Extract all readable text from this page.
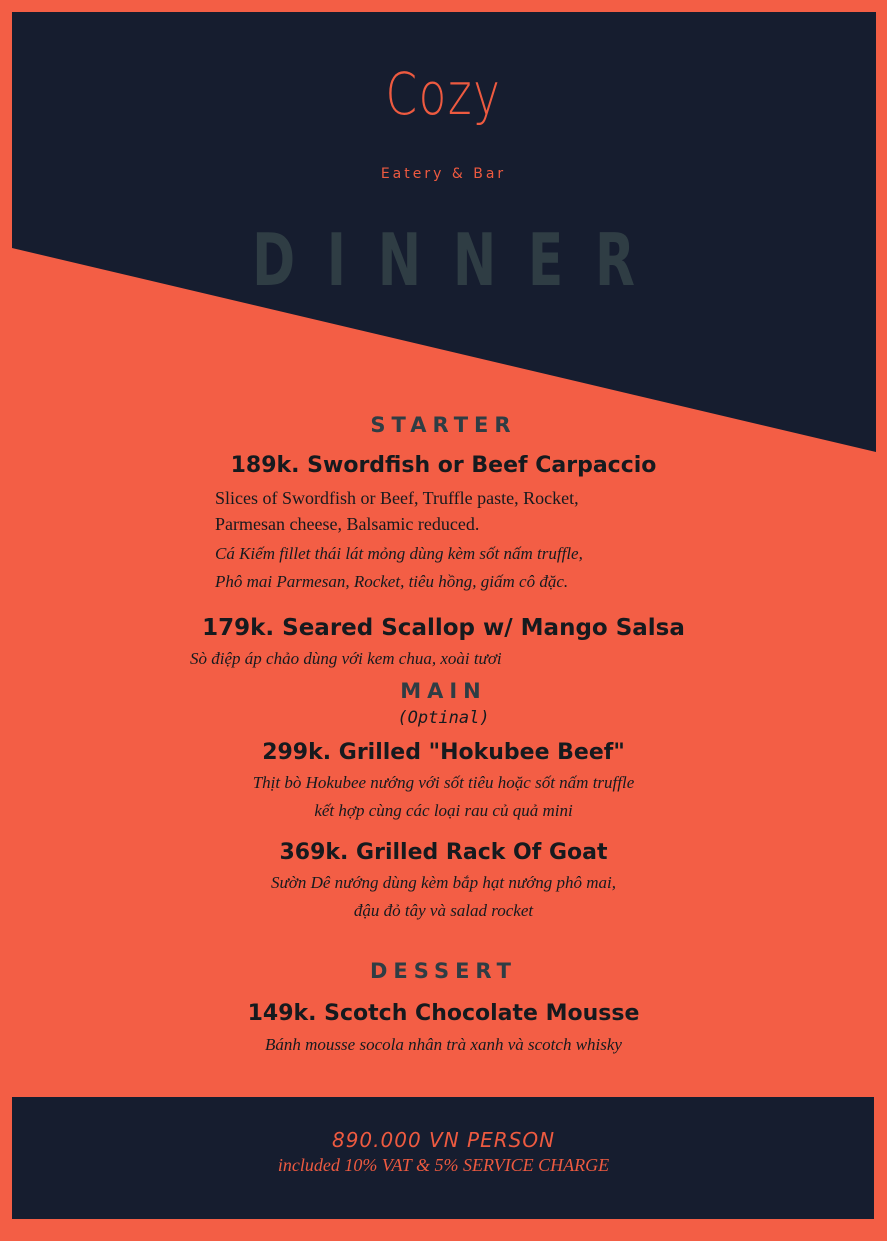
Cozy
Eatery & Bar
DINNER
STARTER
189k. Swordfish or Beef Carpaccio
Slices of Swordfish or Beef, Truffle paste, Rocket,
Parmesan cheese, Balsamic reduced.
Cá Kiếm fillet thái lát mỏng dùng kèm sốt nấm truffle,
Phô mai Parmesan, Rocket, tiêu hồng, giấm cô đặc.
179k. Seared Scallop w/ Mango Salsa
Sò điệp áp chảo dùng với kem chua, xoài tươi
MAIN
(Optinal)
299k. Grilled "Hokubee Beef"
Thịt bò Hokubee nướng với sốt tiêu hoặc sốt nấm truffle
kết hợp cùng các loại rau củ quả mini
369k. Grilled Rack Of Goat
Sườn Dê nướng dùng kèm bắp hạt nướng phô mai,
đậu đỏ tây và salad rocket
DESSERT
149k. Scotch Chocolate Mousse
Bánh mousse socola nhân trà xanh và scotch whisky
890.000 VN PERSON
included 10% VAT & 5% SERVICE CHARGE
